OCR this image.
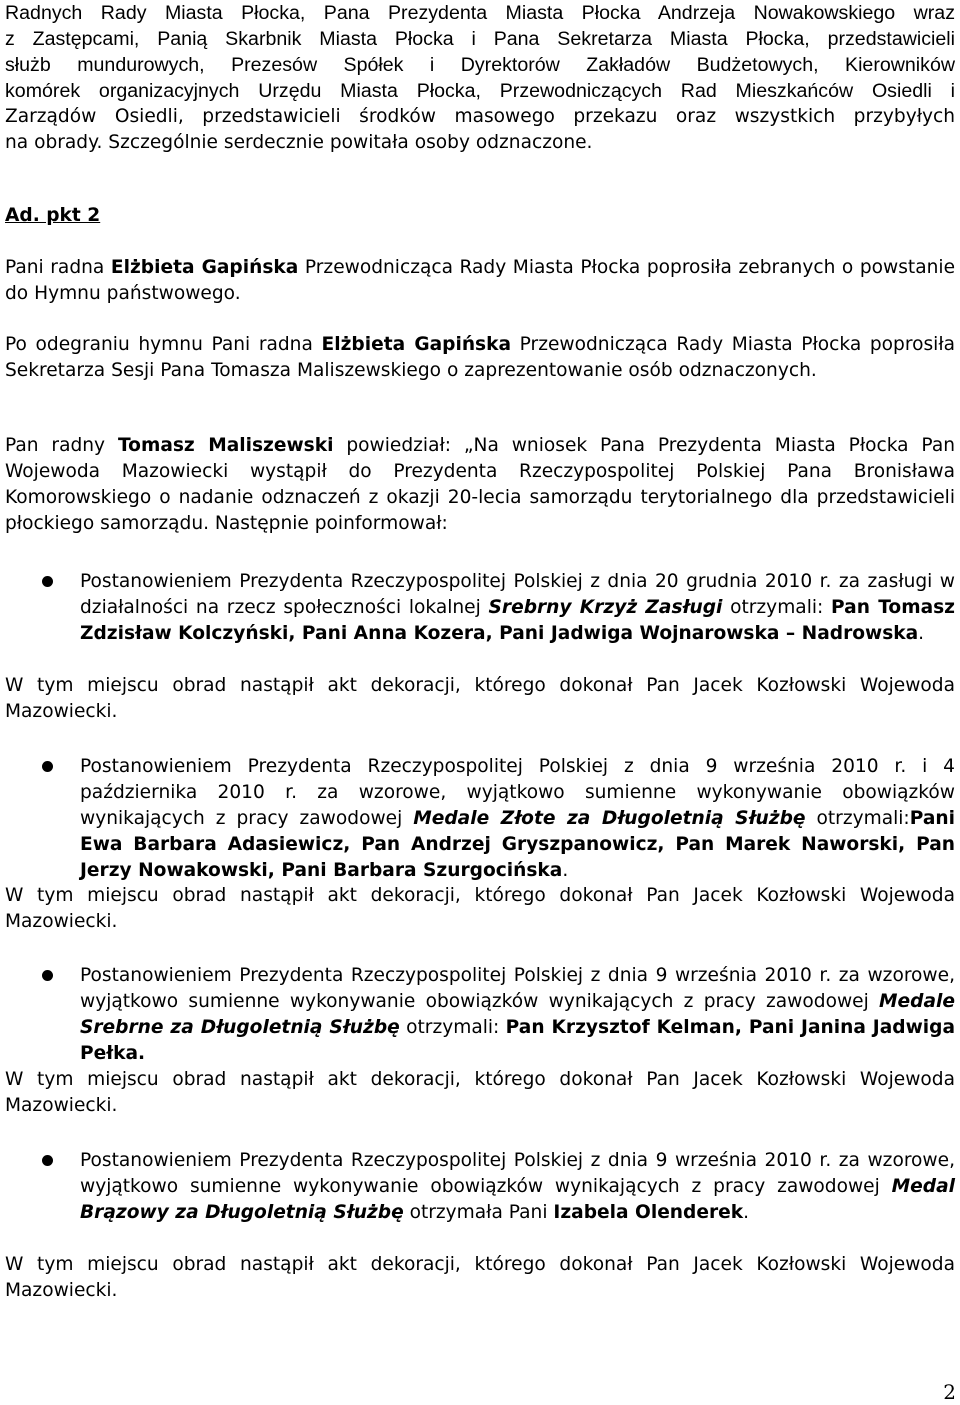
Radnych Rady Miasta Płocka, Pana Prezydenta Miasta Płocka Andrzeja Nowakowskiego wraz

z Zastępcami, Panią Skarbnik Miasta Płocka i Pana Sekretarza Miasta Płocka, przedstawicieli

służb mundurowych, Prezesów Spółek i Dyrektorów Zakładów Budżetowych, Kierowników

komórek organizacyjnych Urzędu Miasta Płocka, Przewodniczących Rad Mieszkańców Osiedli i

Zarządów Osiedli, przedstawicieli środków masowego przekazu oraz wszystkich przybyłych

na obrady. Szczególnie serdecznie powitała osoby odznaczone.

Ad. pkt 2

Pani radna Elżbieta Gapińska Przewodnicząca Rady Miasta Płocka poprosiła zebranych o powstanie do Hymnu państwowego.

Po odegraniu hymnu Pani radna Elżbieta Gapińska Przewodnicząca Rady Miasta Płocka poprosiła Sekretarza Sesji Pana Tomasza Maliszewskiego o zaprezentowanie osób odznaczonych.

Pan radny Tomasz Maliszewski powiedział: „Na wniosek Pana Prezydenta Miasta Płocka Pan Wojewoda Mazowiecki wystąpił do Prezydenta Rzeczypospolitej Polskiej Pana Bronisława Komorowskiego o nadanie odznaczeń z okazji 20-lecia samorządu terytorialnego dla przedstawicieli płockiego samorządu. Następnie poinformował:

Postanowieniem Prezydenta Rzeczypospolitej Polskiej z dnia 20 grudnia 2010 r. za zasługi w działalności na rzecz społeczności lokalnej Srebrny Krzyż Zasługi otrzymali: Pan Tomasz Zdzisław Kolczyński, Pani Anna Kozera, Pani Jadwiga Wojnarowska – Nadrowska.

W tym miejscu obrad nastąpił akt dekoracji, którego dokonał Pan Jacek Kozłowski Wojewoda Mazowiecki.

Postanowieniem Prezydenta Rzeczypospolitej Polskiej z dnia 9 września 2010 r. i 4 października 2010 r. za wzorowe, wyjątkowo sumienne wykonywanie obowiązków wynikających z pracy zawodowej Medale Złote za Długoletnią Służbę otrzymali:Pani Ewa Barbara Adasiewicz, Pan Andrzej Gryszpanowicz, Pan Marek Naworski, Pan Jerzy Nowakowski, Pani Barbara Szurgocińska.

W tym miejscu obrad nastąpił akt dekoracji, którego dokonał Pan Jacek Kozłowski Wojewoda Mazowiecki.

Postanowieniem Prezydenta Rzeczypospolitej Polskiej z dnia 9 września 2010 r. za wzorowe, wyjątkowo sumienne wykonywanie obowiązków wynikających z pracy zawodowej Medale Srebrne za Długoletnią Służbę otrzymali: Pan Krzysztof Kelman, Pani Janina Jadwiga Pełka.

W tym miejscu obrad nastąpił akt dekoracji, którego dokonał Pan Jacek Kozłowski Wojewoda Mazowiecki.

Postanowieniem Prezydenta Rzeczypospolitej Polskiej z dnia 9 września 2010 r. za wzorowe, wyjątkowo sumienne wykonywanie obowiązków wynikających z pracy zawodowej Medal Brązowy za Długoletnią Służbę otrzymała Pani Izabela Olenderek.

W tym miejscu obrad nastąpił akt dekoracji, którego dokonał Pan Jacek Kozłowski Wojewoda Mazowiecki.

2
